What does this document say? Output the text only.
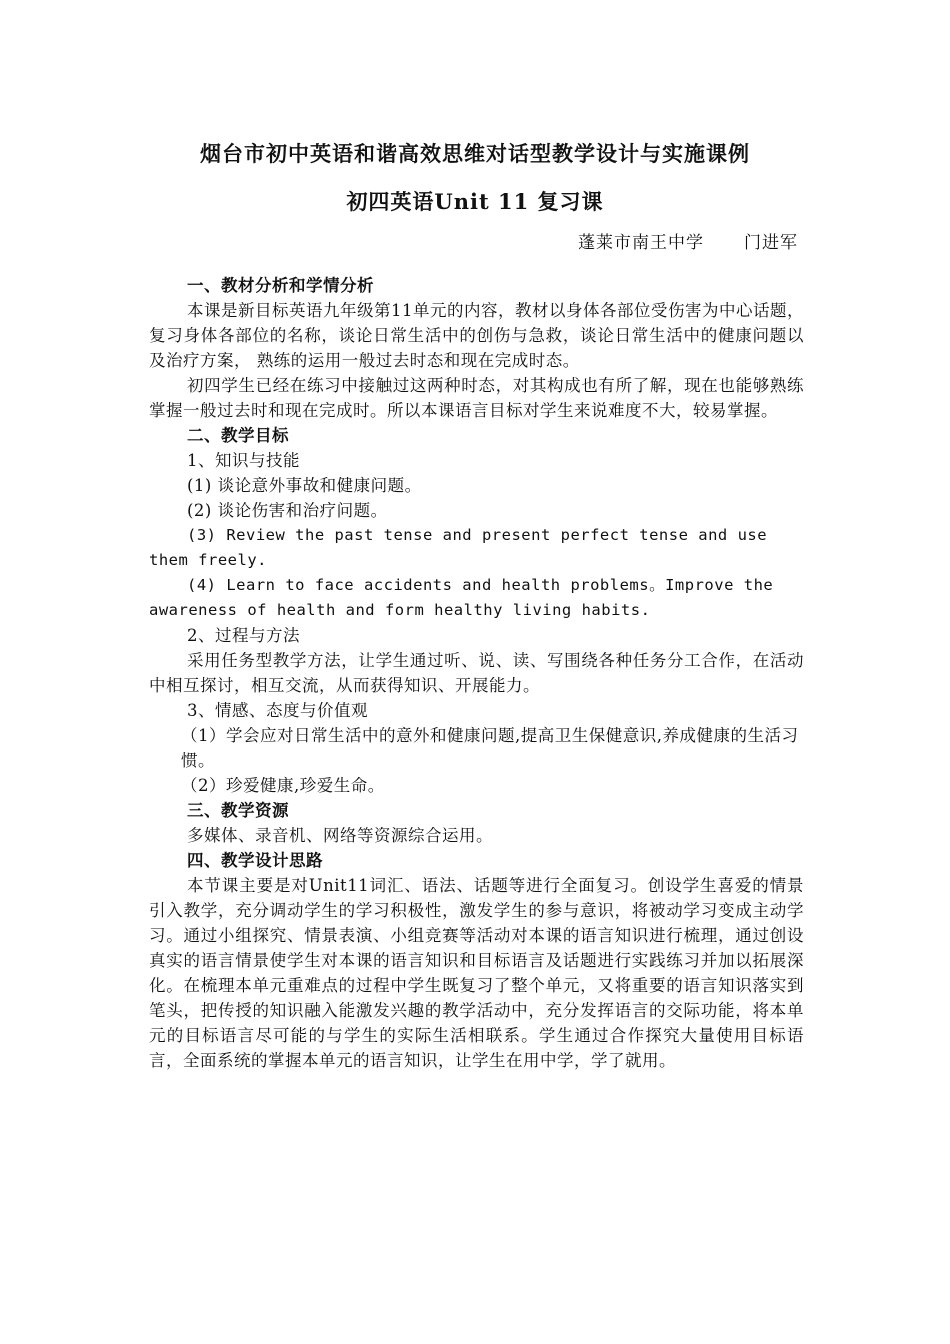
烟台市初中英语和谐高效思维对话型教学设计与实施课例
初四英语Unit 11 复习课
蓬莱市南王中学 门进军

一、教材分析和学情分析

本课是新目标英语九年级第11单元的内容，教材以身体各部位受伤害为中心话题，复习身体各部位的名称，谈论日常生活中的创伤与急救，谈论日常生活中的健康问题以及治疗方案， 熟练的运用一般过去时态和现在完成时态。

初四学生已经在练习中接触过这两种时态，对其构成也有所了解，现在也能够熟练掌握一般过去时和现在完成时。所以本课语言目标对学生来说难度不大，较易掌握。

二、教学目标

1、知识与技能

(1) 谈论意外事故和健康问题。

(2) 谈论伤害和治疗问题。

(3) Review the past tense and present perfect tense and use them freely.

(4) Learn to face accidents and health problems。Improve the awareness of health and form healthy living habits.

2、过程与方法

采用任务型教学方法，让学生通过听、说、读、写围绕各种任务分工合作，在活动中相互探讨，相互交流，从而获得知识、开展能力。

3、情感、态度与价值观

（1）学会应对日常生活中的意外和健康问题,提高卫生保健意识,养成健康的生活习惯。

（2）珍爱健康,珍爱生命。

三、教学资源

多媒体、录音机、网络等资源综合运用。

四、教学设计思路

本节课主要是对Unit11词汇、语法、话题等进行全面复习。创设学生喜爱的情景引入教学，充分调动学生的学习积极性，激发学生的参与意识，将被动学习变成主动学习。通过小组探究、情景表演、小组竞赛等活动对本课的语言知识进行梳理，通过创设真实的语言情景使学生对本课的语言知识和目标语言及话题进行实践练习并加以拓展深化。在梳理本单元重难点的过程中学生既复习了整个单元，又将重要的语言知识落实到笔头，把传授的知识融入能激发兴趣的教学活动中，充分发挥语言的交际功能，将本单元的目标语言尽可能的与学生的实际生活相联系。学生通过合作探究大量使用目标语言，全面系统的掌握本单元的语言知识，让学生在用中学，学了就用。
